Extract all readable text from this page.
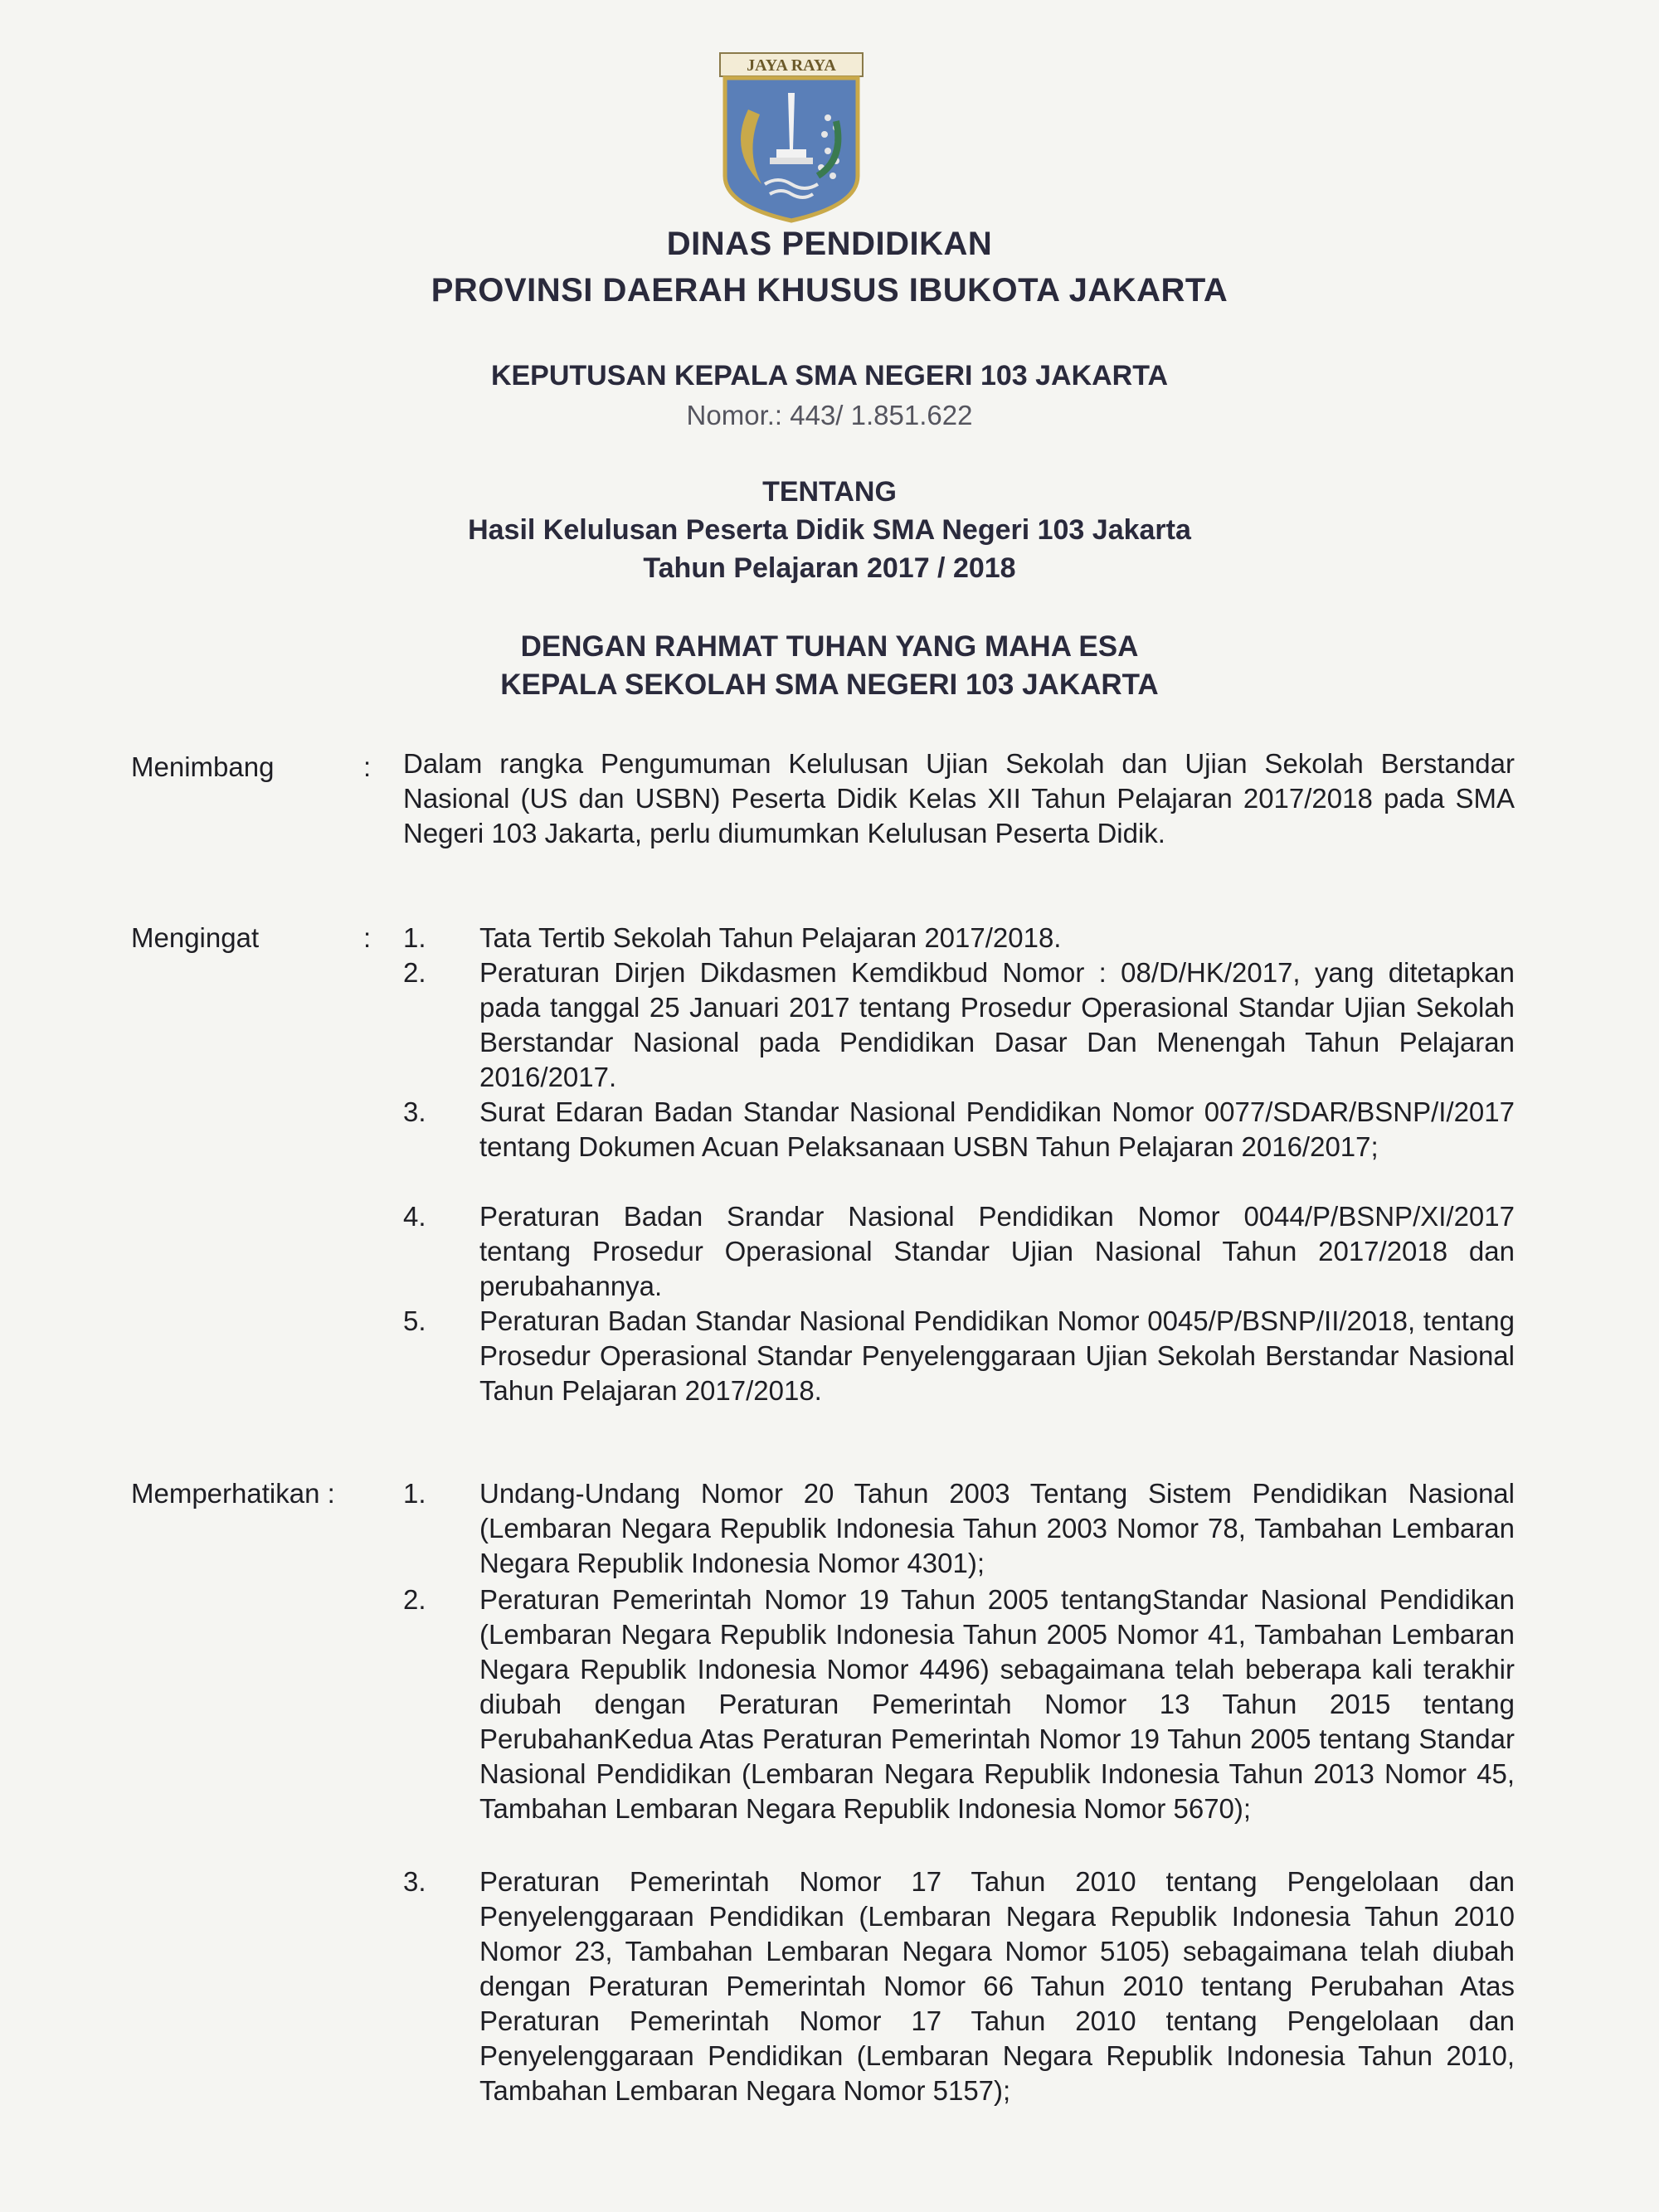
JAYA RAYA
DINAS PENDIDIKAN
PROVINSI DAERAH KHUSUS IBUKOTA JAKARTA
KEPUTUSAN KEPALA SMA NEGERI 103 JAKARTA
Nomor.: 443/ 1.851.622
TENTANG
Hasil Kelulusan Peserta Didik SMA Negeri 103 Jakarta
Tahun Pelajaran 2017 / 2018
DENGAN RAHMAT TUHAN YANG MAHA ESA
KEPALA SEKOLAH SMA NEGERI 103 JAKARTA
Menimbang	: Dalam rangka Pengumuman Kelulusan Ujian Sekolah dan Ujian Sekolah Berstandar Nasional (US dan USBN) Peserta Didik Kelas XII Tahun Pelajaran 2017/2018 pada SMA Negeri 103 Jakarta, perlu diumumkan Kelulusan Peserta Didik.
Mengingat	: 1. Tata Tertib Sekolah Tahun Pelajaran 2017/2018.
2. Peraturan Dirjen Dikdasmen Kemdikbud Nomor : 08/D/HK/2017, yang ditetapkan pada tanggal 25 Januari 2017 tentang Prosedur Operasional Standar Ujian Sekolah Berstandar Nasional pada Pendidikan Dasar Dan Menengah Tahun Pelajaran 2016/2017.
3. Surat Edaran Badan Standar Nasional Pendidikan Nomor 0077/SDAR/BSNP/I/2017 tentang Dokumen Acuan Pelaksanaan USBN Tahun Pelajaran 2016/2017;
4. Peraturan Badan Srandar Nasional Pendidikan Nomor 0044/P/BSNP/XI/2017 tentang Prosedur Operasional Standar Ujian Nasional Tahun 2017/2018 dan perubahannya.
5. Peraturan Badan Standar Nasional Pendidikan Nomor 0045/P/BSNP/II/2018, tentang Prosedur Operasional Standar Penyelenggaraan Ujian Sekolah Berstandar Nasional Tahun Pelajaran 2017/2018.
Memperhatikan : 1. Undang-Undang Nomor 20 Tahun 2003 Tentang Sistem Pendidikan Nasional (Lembaran Negara Republik Indonesia Tahun 2003 Nomor 78, Tambahan Lembaran Negara Republik Indonesia Nomor 4301);
2. Peraturan Pemerintah Nomor 19 Tahun 2005 tentangStandar Nasional Pendidikan (Lembaran Negara Republik Indonesia Tahun 2005 Nomor 41, Tambahan Lembaran Negara Republik Indonesia Nomor 4496) sebagaimana telah beberapa kali terakhir diubah dengan Peraturan Pemerintah Nomor 13 Tahun 2015 tentang PerubahanKedua Atas Peraturan Pemerintah Nomor 19 Tahun 2005 tentang Standar Nasional Pendidikan (Lembaran Negara Republik Indonesia Tahun 2013 Nomor 45, Tambahan Lembaran Negara Republik Indonesia Nomor 5670);
3. Peraturan Pemerintah Nomor 17 Tahun 2010 tentang Pengelolaan dan Penyelenggaraan Pendidikan (Lembaran Negara Republik Indonesia Tahun 2010 Nomor 23, Tambahan Lembaran Negara Nomor 5105) sebagaimana telah diubah dengan Peraturan Pemerintah Nomor 66 Tahun 2010 tentang Perubahan Atas Peraturan Pemerintah Nomor 17 Tahun 2010 tentang Pengelolaan dan Penyelenggaraan Pendidikan (Lembaran Negara Republik Indonesia Tahun 2010, Tambahan Lembaran Negara Nomor 5157);
